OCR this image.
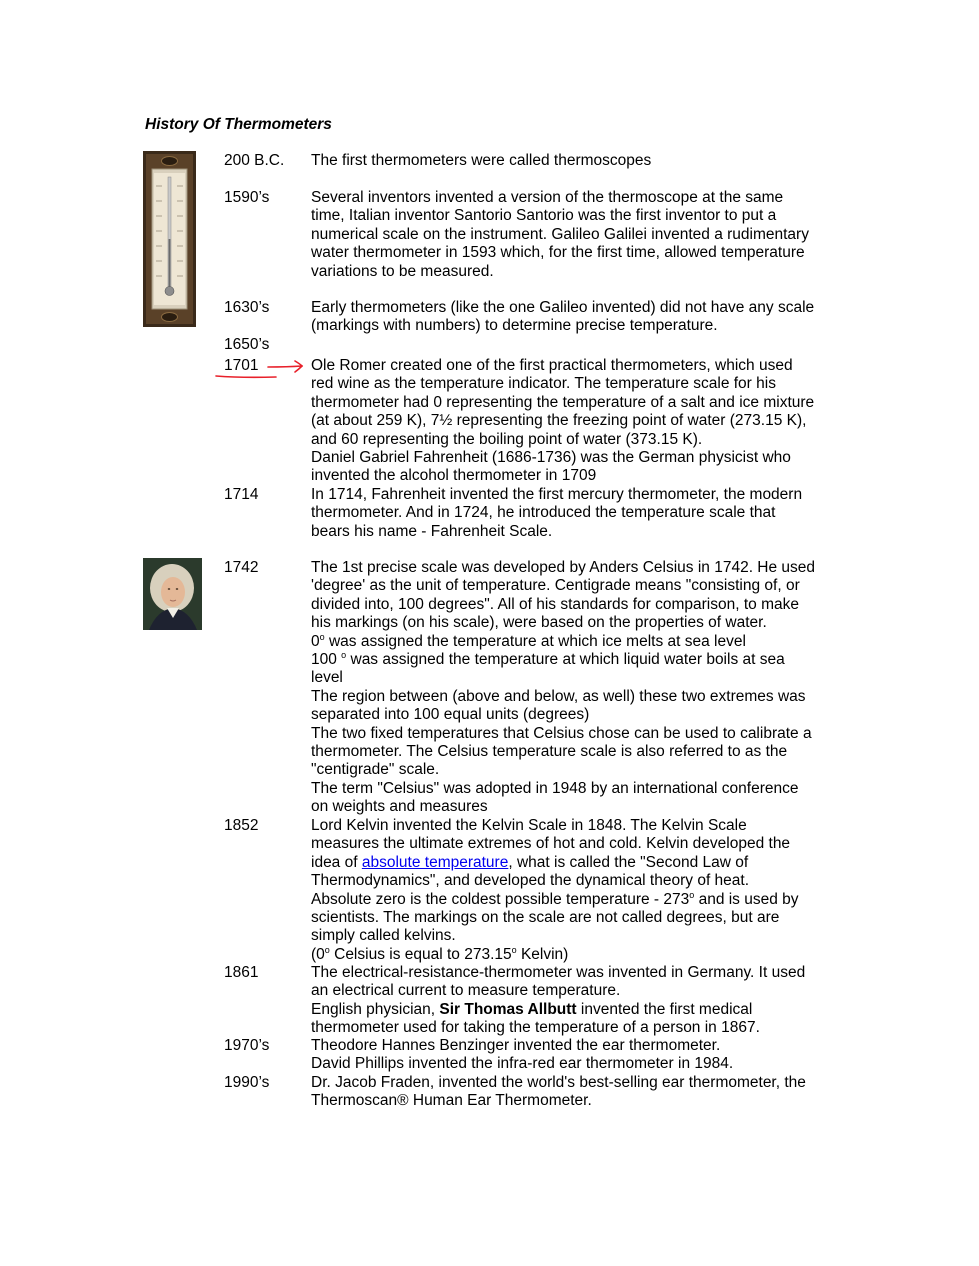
History Of Thermometers
200 B.C.	The first thermometers were called thermoscopes
1590’s	Several inventors invented a version of the thermoscope at the same
time, Italian inventor Santorio Santorio was the first inventor to put a
numerical scale on the instrument. Galileo Galilei invented a rudimentary
water thermometer in 1593 which, for the first time, allowed temperature
variations to be measured.
1630’s	Early thermometers (like the one Galileo invented) did not have any scale
(markings with numbers) to determine precise temperature.
1650’s
1701	Ole Romer created one of the first practical thermometers, which used
red wine as the temperature indicator. The temperature scale for his
thermometer had 0 representing the temperature of a salt and ice mixture
(at about 259 K), 7½ representing the freezing point of water (273.15 K),
and 60 representing the boiling point of water (373.15 K).
Daniel Gabriel Fahrenheit (1686-1736) was the German physicist who
invented the alcohol thermometer in 1709
1714	In 1714, Fahrenheit invented the first mercury thermometer, the modern
thermometer. And in 1724, he introduced the temperature scale that
bears his name - Fahrenheit Scale.
1742	The 1st precise scale was developed by Anders Celsius in 1742. He used
'degree' as the unit of temperature. Centigrade means "consisting of, or
divided into, 100 degrees". All of his standards for comparison, to make
his markings (on his scale), were based on the properties of water.
0$^o$ was assigned the temperature at which ice melts at sea level
100 $^o$ was assigned the temperature at which liquid water boils at sea
level
The region between (above and below, as well) these two extremes was
separated into 100 equal units (degrees)
The two fixed temperatures that Celsius chose can be used to calibrate a
thermometer. The Celsius temperature scale is also referred to as the
"centigrade" scale.
The term "Celsius" was adopted in 1948 by an international conference
on weights and measures
1852	Lord Kelvin invented the Kelvin Scale in 1848. The Kelvin Scale
measures the ultimate extremes of hot and cold. Kelvin developed the
idea of absolute temperature, what is called the "Second Law of
Thermodynamics", and developed the dynamical theory of heat.
Absolute zero is the coldest possible temperature - 273$^o$ and is used by
scientists. The markings on the scale are not called degrees, but are
simply called kelvins.
(0$^o$ Celsius is equal to 273.15$^o$ Kelvin)
1861	The electrical-resistance-thermometer was invented in Germany. It used
an electrical current to measure temperature.
English physician, Sir Thomas Allbutt invented the first medical
thermometer used for taking the temperature of a person in 1867.
1970’s	Theodore Hannes Benzinger invented the ear thermometer.
David Phillips invented the infra-red ear thermometer in 1984.
1990’s	Dr. Jacob Fraden, invented the world's best-selling ear thermometer, the
Thermoscan® Human Ear Thermometer.
